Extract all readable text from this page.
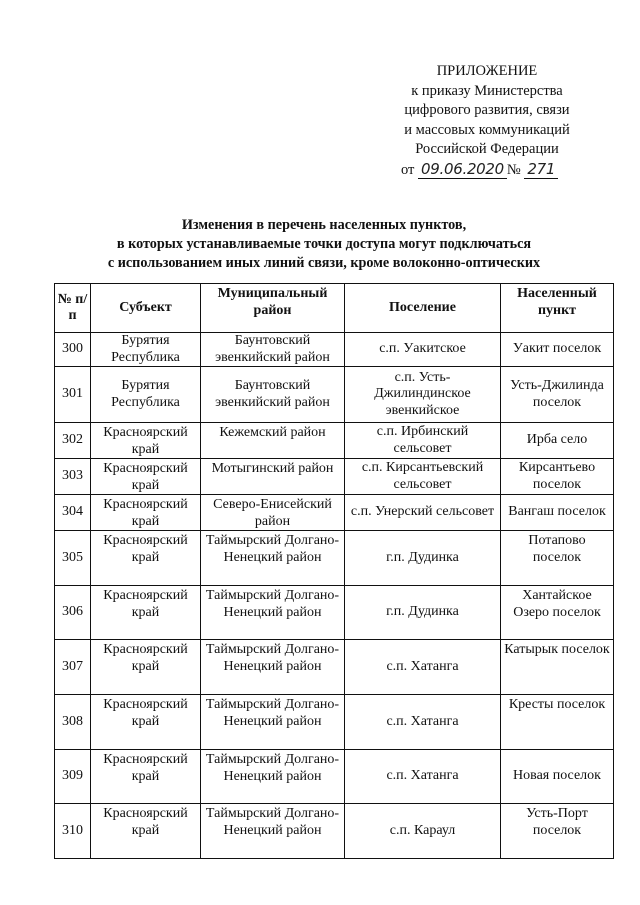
ПРИЛОЖЕНИЕ
к приказу Министерства
цифрового развития, связи
и массовых коммуникаций
Российской Федерации
от 09.06.2020 № 271
Изменения в перечень населенных пунктов,
в которых устанавливаемые точки доступа могут подключаться
с использованием иных линий связи, кроме волоконно-оптических
№ п/п	Субъект	Муниципальный район	Поселение	Населенный пункт
300	Бурятия Республика	Баунтовский эвенкийский район	с.п. Уакитское	Уакит поселок
301	Бурятия Республика	Баунтовский эвенкийский район	с.п. Усть-Джилиндинское эвенкийское	Усть-Джилинда поселок
302	Красноярский край	Кежемский район	с.п. Ирбинский сельсовет	Ирба село
303	Красноярский край	Мотыгинский район	с.п. Кирсантьевский сельсовет	Кирсантьево поселок
304	Красноярский край	Северо-Енисейский район	с.п. Унерский сельсовет	Вангаш поселок
305	Красноярский край	Таймырский Долгано-Ненецкий район	г.п. Дудинка	Потапово поселок
306	Красноярский край	Таймырский Долгано-Ненецкий район	г.п. Дудинка	Хантайское Озеро поселок
307	Красноярский край	Таймырский Долгано-Ненецкий район	с.п. Хатанга	Катырык поселок
308	Красноярский край	Таймырский Долгано-Ненецкий район	с.п. Хатанга	Кресты поселок
309	Красноярский край	Таймырский Долгано-Ненецкий район	с.п. Хатанга	Новая поселок
310	Красноярский край	Таймырский Долгано-Ненецкий район	с.п. Караул	Усть-Порт поселок
